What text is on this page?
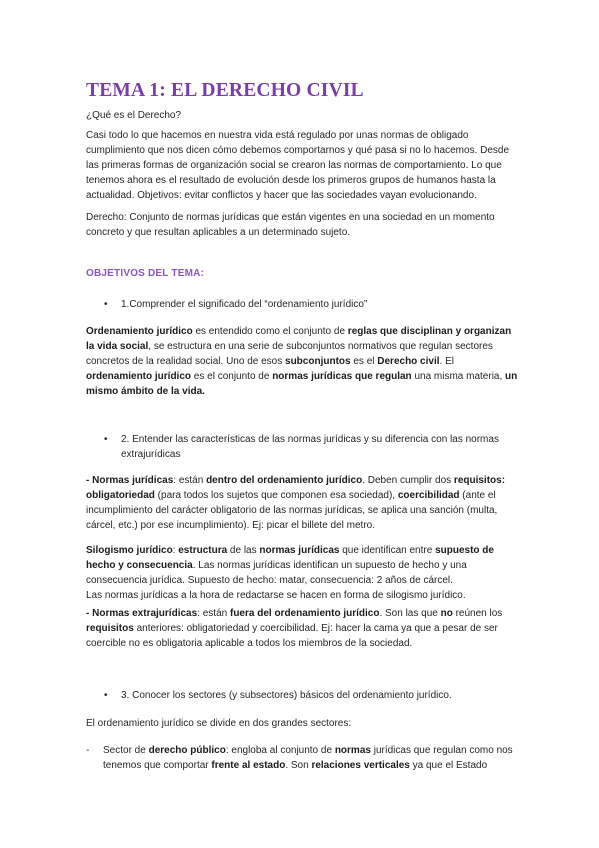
TEMA 1: EL DERECHO CIVIL

¿Qué es el Derecho?

Casi todo lo que hacemos en nuestra vida está regulado por unas normas de obligado cumplimiento que nos dicen cómo debemos comportarnos y qué pasa si no lo hacemos. Desde las primeras formas de organización social se crearon las normas de comportamiento. Lo que tenemos ahora es el resultado de evolución desde los primeros grupos de humanos hasta la actualidad. Objetivos: evitar conflictos y hacer que las sociedades vayan evolucionando.

Derecho: Conjunto de normas jurídicas que están vigentes en una sociedad en un momento concreto y que resultan aplicables a un determinado sujeto.

OBJETIVOS DEL TEMA:

•	1.Comprender el significado del “ordenamiento jurídico”

Ordenamiento jurídico es entendido como el conjunto de reglas que disciplinan y organizan la vida social, se estructura en una serie de subconjuntos normativos que regulan sectores concretos de la realidad social. Uno de esos subconjuntos es el Derecho civil. El ordenamiento jurídico es el conjunto de normas jurídicas que regulan una misma materia, un mismo ámbito de la vida.

•	2. Entender las características de las normas jurídicas y su diferencia con las normas extrajurídicas

- Normas jurídicas: están dentro del ordenamiento jurídico. Deben cumplir dos requisitos: obligatoriedad (para todos los sujetos que componen esa sociedad), coercibilidad (ante el incumplimiento del carácter obligatorio de las normas jurídicas, se aplica una sanción (multa, cárcel, etc.) por ese incumplimiento). Ej: picar el billete del metro.

Silogismo jurídico: estructura de las normas jurídicas que identifican entre supuesto de hecho y consecuencia. Las normas jurídicas identifican un supuesto de hecho y una consecuencia jurídica. Supuesto de hecho: matar, consecuencia: 2 años de cárcel.
Las normas jurídicas a la hora de redactarse se hacen en forma de silogismo jurídico.

- Normas extrajurídicas: están fuera del ordenamiento jurídico. Son las que no reúnen los requisitos anteriores: obligatoriedad y coercibilidad. Ej: hacer la cama ya que a pesar de ser coercible no es obligatoria aplicable a todos los miembros de la sociedad.

•	3. Conocer los sectores (y subsectores) básicos del ordenamiento jurídico.

El ordenamiento jurídico se divide en dos grandes sectores:

-	Sector de derecho público: engloba al conjunto de normas jurídicas que regulan como nos tenemos que comportar frente al estado. Son relaciones verticales ya que el Estado
